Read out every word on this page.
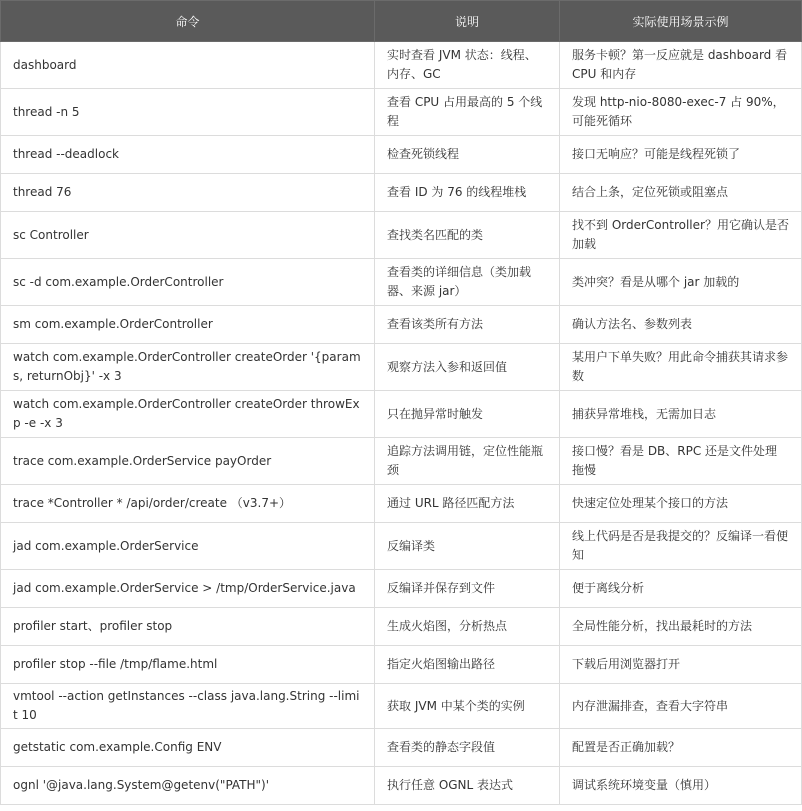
命令	说明	实际使用场景示例
dashboard	实时查看 JVM 状态：线程、内存、GC	服务卡顿？第一反应就是 dashboard 看 CPU 和内存
thread -n 5	查看 CPU 占用最高的 5 个线程	发现 http-nio-8080-exec-7 占 90%，可能死循环
thread --deadlock	检查死锁线程	接口无响应？可能是线程死锁了
thread 76	查看 ID 为 76 的线程堆栈	结合上条，定位死锁或阻塞点
sc Controller	查找类名匹配的类	找不到 OrderController？用它确认是否加载
sc -d com.example.OrderController	查看类的详细信息（类加载器、来源 jar）	类冲突？看是从哪个 jar 加载的
sm com.example.OrderController	查看该类所有方法	确认方法名、参数列表
watch com.example.OrderController createOrder '{params, returnObj}' -x 3	观察方法入参和返回值	某用户下单失败？用此命令捕获其请求参数
watch com.example.OrderController createOrder throwExp -e -x 3	只在抛异常时触发	捕获异常堆栈，无需加日志
trace com.example.OrderService payOrder	追踪方法调用链，定位性能瓶颈	接口慢？看是 DB、RPC 还是文件处理拖慢
trace *Controller * /api/order/create （v3.7+）	通过 URL 路径匹配方法	快速定位处理某个接口的方法
jad com.example.OrderService	反编译类	线上代码是否是我提交的？反编译一看便知
jad com.example.OrderService > /tmp/OrderService.java	反编译并保存到文件	便于离线分析
profiler start、profiler stop	生成火焰图，分析热点	全局性能分析，找出最耗时的方法
profiler stop --file /tmp/flame.html	指定火焰图输出路径	下载后用浏览器打开
vmtool --action getInstances --class java.lang.String --limit 10	获取 JVM 中某个类的实例	内存泄漏排查，查看大字符串
getstatic com.example.Config ENV	查看类的静态字段值	配置是否正确加载？
ognl '@java.lang.System@getenv("PATH")'	执行任意 OGNL 表达式	调试系统环境变量（慎用）
